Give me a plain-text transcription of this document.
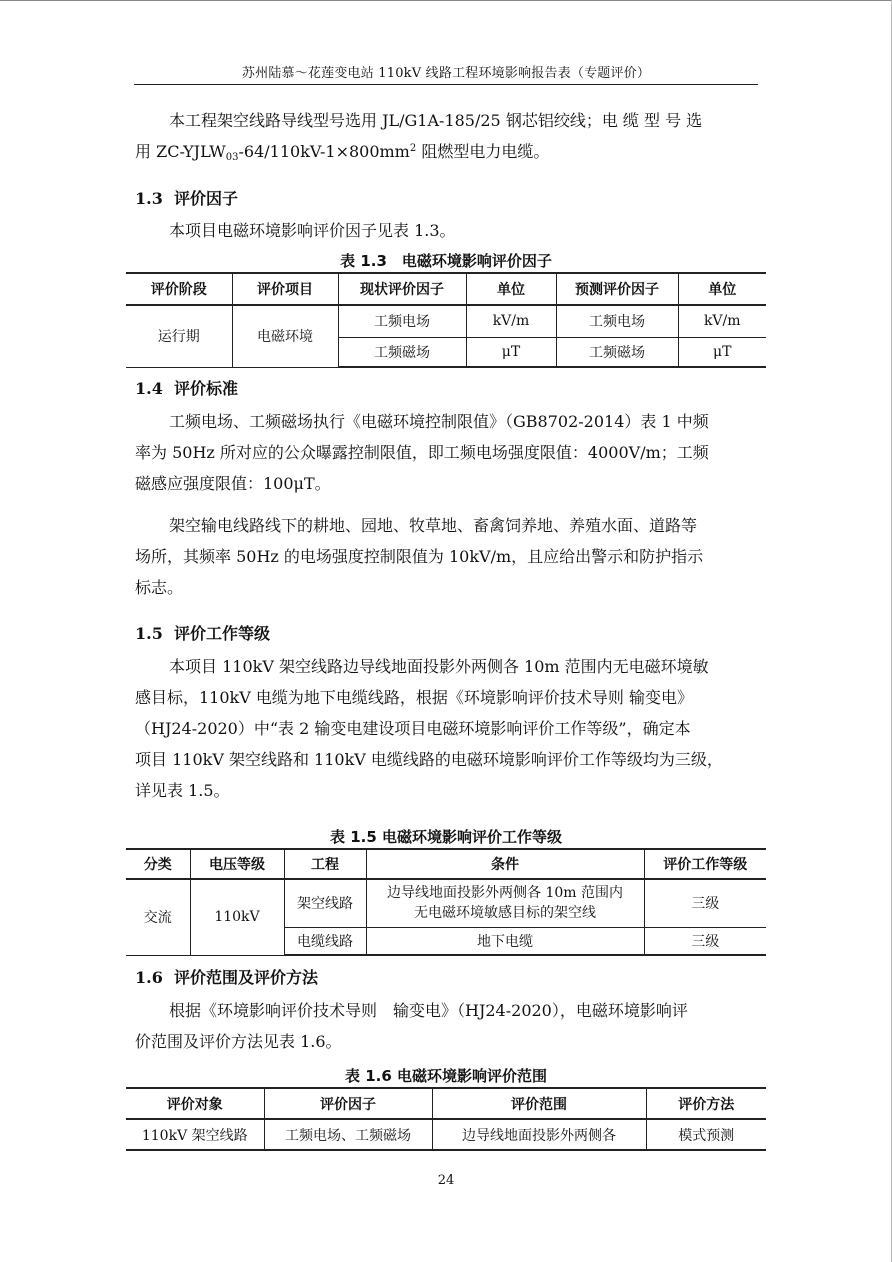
苏州陆慕～花莲变电站 110kV 线路工程环境影响报告表（专题评价）
本工程架空线路导线型号选用 JL/G1A-185/25 钢芯铝绞线；电 缆 型 号 选
用 $ZC-YJLW_{03}-64/110kV-1\times 800mm^2$ 阻燃型电力电缆。
1.3 评价因子
本项目电磁环境影响评价因子见表 1.3。
表 1.3　电磁环境影响评价因子
评价阶段	评价项目	现状评价因子	单位	预测评价因子	单位
运行期	电磁环境	工频电场	kV/m	工频电场	kV/m
		工频磁场	μT	工频磁场	μT
1.4 评价标准
工频电场、工频磁场执行《电磁环境控制限值》（GB8702-2014）表 1 中频
率为 50Hz 所对应的公众曝露控制限值，即工频电场强度限值：4000V/m；工频
磁感应强度限值：100μT。
架空输电线路线下的耕地、园地、牧草地、畜禽饲养地、养殖水面、道路等
场所，其频率 50Hz 的电场强度控制限值为 10kV/m，且应给出警示和防护指示
标志。
1.5 评价工作等级
本项目 110kV 架空线路边导线地面投影外两侧各 10m 范围内无电磁环境敏
感目标，110kV 电缆为地下电缆线路，根据《环境影响评价技术导则 输变电》
（HJ24-2020）中“表 2 输变电建设项目电磁环境影响评价工作等级”，确定本
项目 110kV 架空线路和 110kV 电缆线路的电磁环境影响评价工作等级均为三级，
详见表 1.5。
表 1.5 电磁环境影响评价工作等级
分类	电压等级	工程	条件	评价工作等级
交流	110kV	架空线路	边导线地面投影外两侧各 10m 范围内
无电磁环境敏感目标的架空线	三级
		电缆线路	地下电缆	三级
1.6 评价范围及评价方法
根据《环境影响评价技术导则　输变电》（HJ24-2020），电磁环境影响评
价范围及评价方法见表 1.6。
表 1.6 电磁环境影响评价范围
评价对象	评价因子	评价范围	评价方法
110kV 架空线路	工频电场、工频磁场	边导线地面投影外两侧各	模式预测
24
